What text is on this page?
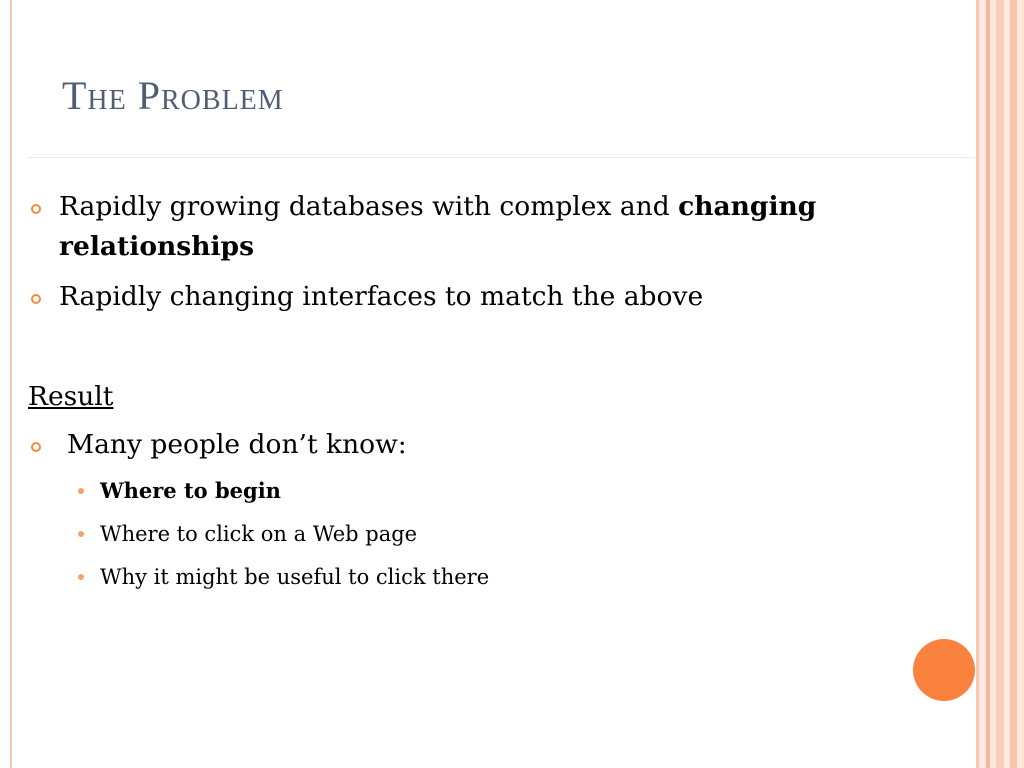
The Problem

Rapidly growing databases with complex and changing relationships

Rapidly changing interfaces to match the above

Result

Many people don’t know:

Where to begin

Where to click on a Web page

Why it might be useful to click there
